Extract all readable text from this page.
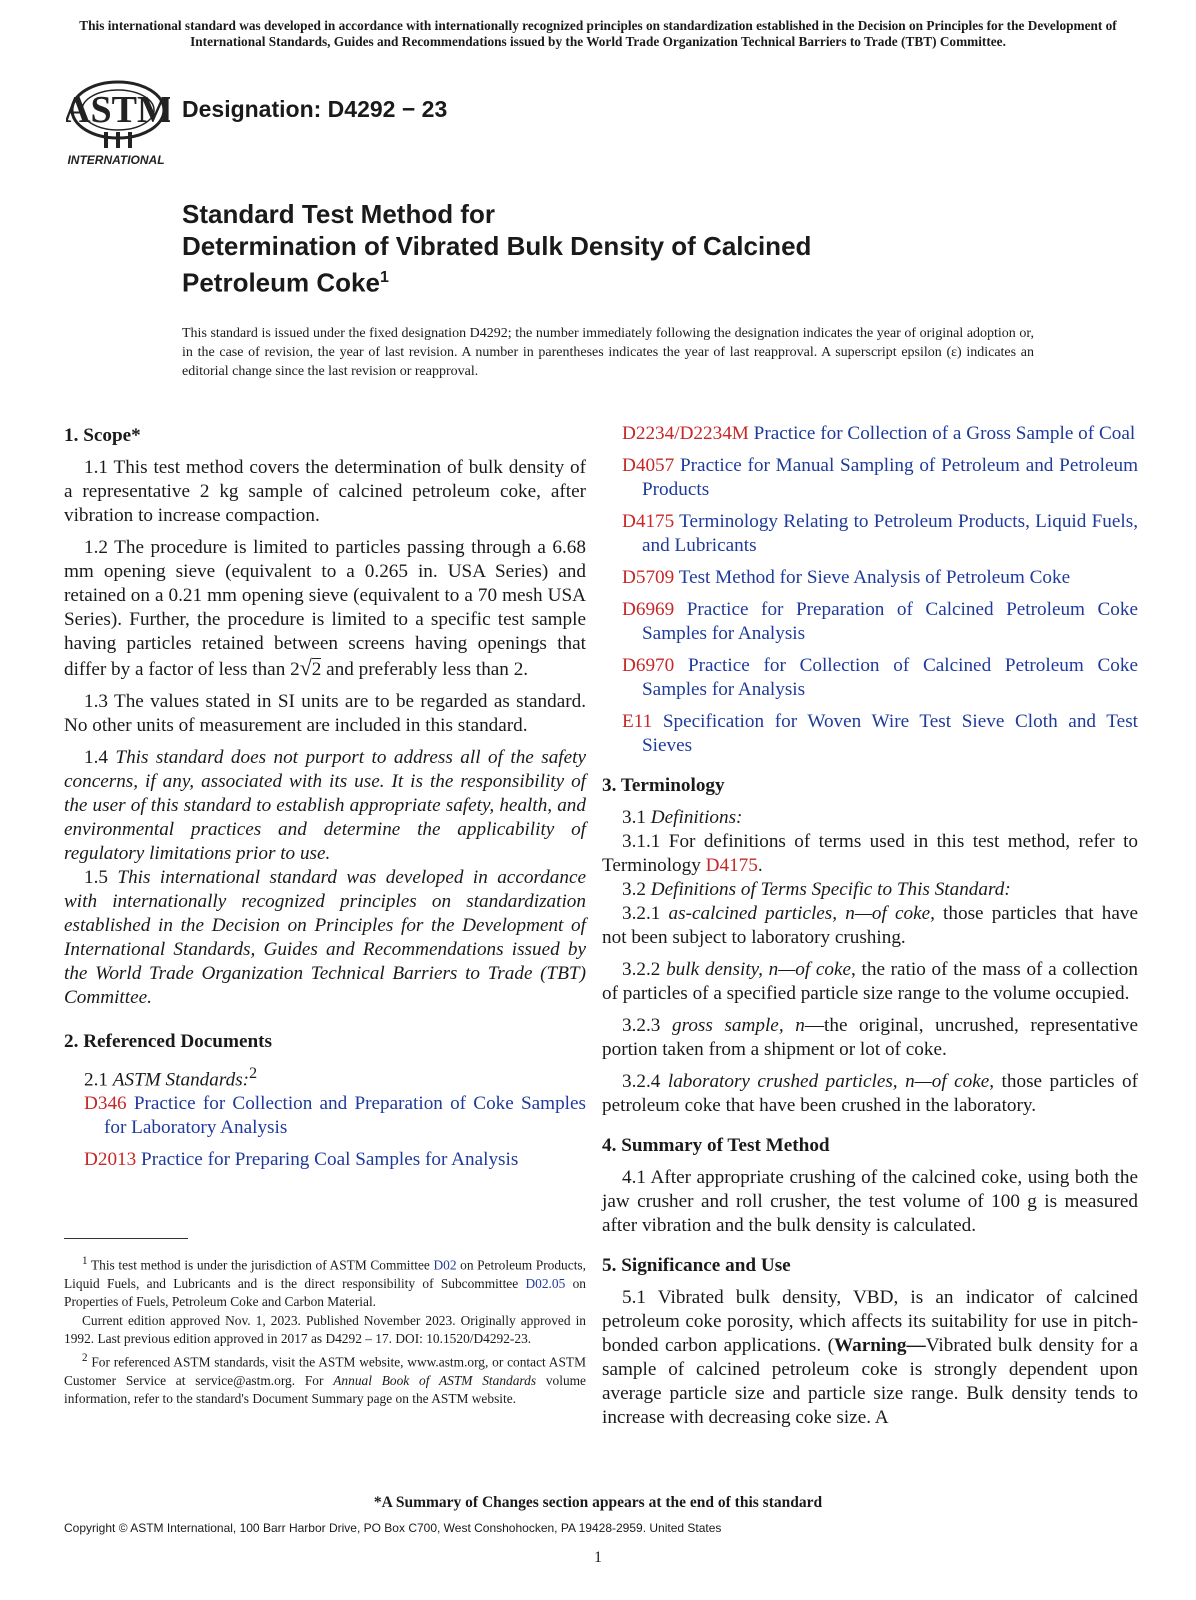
This international standard was developed in accordance with internationally recognized principles on standardization established in the Decision on Principles for the Development of International Standards, Guides and Recommendations issued by the World Trade Organization Technical Barriers to Trade (TBT) Committee.
ASTM
INTERNATIONAL
Designation: D4292 − 23
Standard Test Method for
Determination of Vibrated Bulk Density of Calcined
Petroleum Coke$^1$
This standard is issued under the fixed designation D4292; the number immediately following the designation indicates the year of original adoption or, in the case of revision, the year of last revision. A number in parentheses indicates the year of last reapproval. A superscript epsilon (ε) indicates an editorial change since the last revision or reapproval.
1. Scope*

1.1 This test method covers the determination of bulk density of a representative 2 kg sample of calcined petroleum coke, after vibration to increase compaction.

1.2 The procedure is limited to particles passing through a 6.68 mm opening sieve (equivalent to a 0.265 in. USA Series) and retained on a 0.21 mm opening sieve (equivalent to a 70 mesh USA Series). Further, the procedure is limited to a specific test sample having particles retained between screens having openings that differ by a factor of less than 2√2 and preferably less than 2.

1.3 The values stated in SI units are to be regarded as standard. No other units of measurement are included in this standard.

1.4 This standard does not purport to address all of the safety concerns, if any, associated with its use. It is the responsibility of the user of this standard to establish appropriate safety, health, and environmental practices and determine the applicability of regulatory limitations prior to use.

1.5 This international standard was developed in accordance with internationally recognized principles on standardization established in the Decision on Principles for the Development of International Standards, Guides and Recommendations issued by the World Trade Organization Technical Barriers to Trade (TBT) Committee.

2. Referenced Documents

2.1 ASTM Standards:$^2$

D346 Practice for Collection and Preparation of Coke Samples for Laboratory Analysis

D2013 Practice for Preparing Coal Samples for Analysis

D2234/D2234M Practice for Collection of a Gross Sample of Coal

D4057 Practice for Manual Sampling of Petroleum and Petroleum Products

D4175 Terminology Relating to Petroleum Products, Liquid Fuels, and Lubricants

D5709 Test Method for Sieve Analysis of Petroleum Coke

D6969 Practice for Preparation of Calcined Petroleum Coke Samples for Analysis

D6970 Practice for Collection of Calcined Petroleum Coke Samples for Analysis

E11 Specification for Woven Wire Test Sieve Cloth and Test Sieves

3. Terminology

3.1 Definitions:

3.1.1 For definitions of terms used in this test method, refer to Terminology D4175.

3.2 Definitions of Terms Specific to This Standard:

3.2.1 as-calcined particles, n—of coke, those particles that have not been subject to laboratory crushing.

3.2.2 bulk density, n—of coke, the ratio of the mass of a collection of particles of a specified particle size range to the volume occupied.

3.2.3 gross sample, n—the original, uncrushed, representative portion taken from a shipment or lot of coke.

3.2.4 laboratory crushed particles, n—of coke, those particles of petroleum coke that have been crushed in the laboratory.

4. Summary of Test Method

4.1 After appropriate crushing of the calcined coke, using both the jaw crusher and roll crusher, the test volume of 100 g is measured after vibration and the bulk density is calculated.

5. Significance and Use

5.1 Vibrated bulk density, VBD, is an indicator of calcined petroleum coke porosity, which affects its suitability for use in pitch-bonded carbon applications. (Warning—Vibrated bulk density for a sample of calcined petroleum coke is strongly dependent upon average particle size and particle size range. Bulk density tends to increase with decreasing coke size. A

$^1$ This test method is under the jurisdiction of ASTM Committee D02 on Petroleum Products, Liquid Fuels, and Lubricants and is the direct responsibility of Subcommittee D02.05 on Properties of Fuels, Petroleum Coke and Carbon Material.

Current edition approved Nov. 1, 2023. Published November 2023. Originally approved in 1992. Last previous edition approved in 2017 as D4292 – 17. DOI: 10.1520/D4292-23.

$^2$ For referenced ASTM standards, visit the ASTM website, www.astm.org, or contact ASTM Customer Service at service@astm.org. For Annual Book of ASTM Standards volume information, refer to the standard's Document Summary page on the ASTM website.

*A Summary of Changes section appears at the end of this standard
Copyright © ASTM International, 100 Barr Harbor Drive, PO Box C700, West Conshohocken, PA 19428-2959. United States
1
